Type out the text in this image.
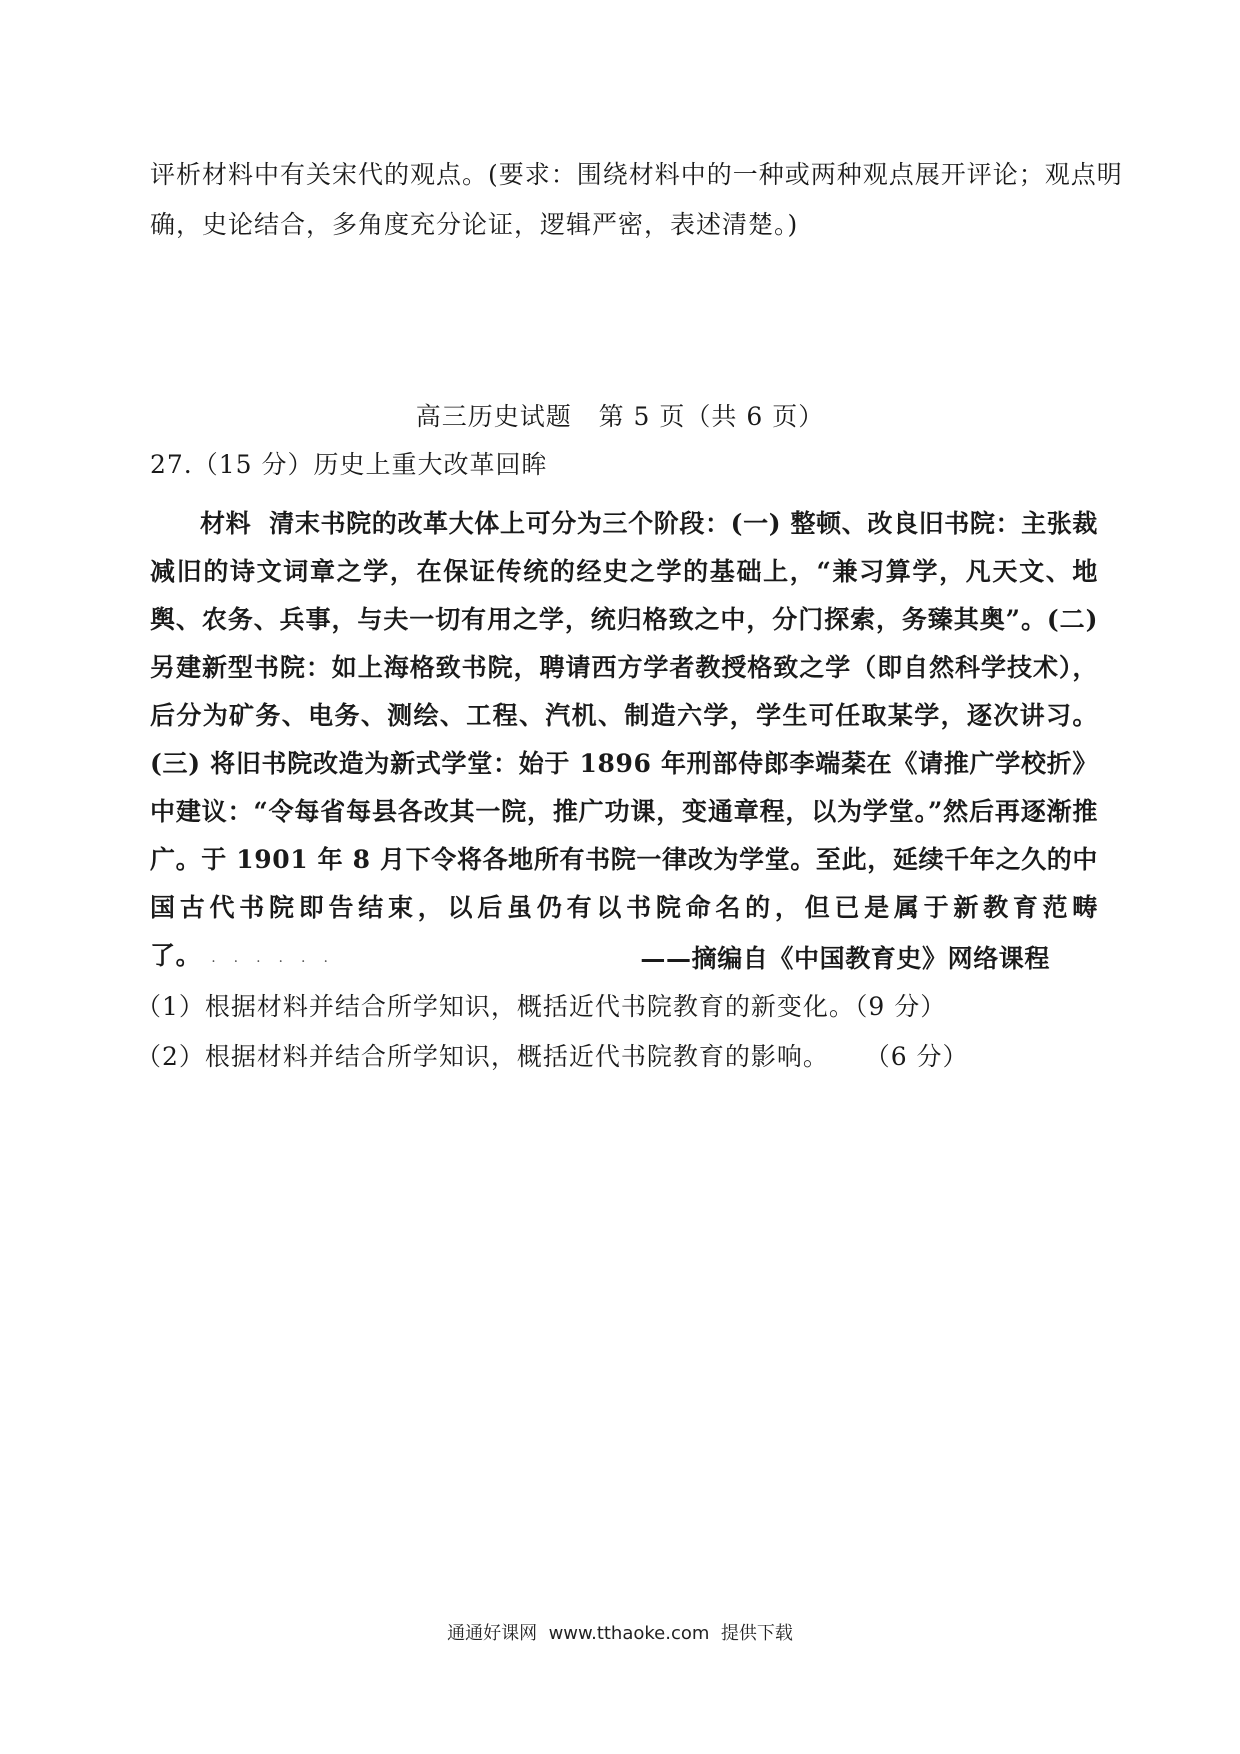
评析材料中有关宋代的观点。(要求：围绕材料中的一种或两种观点展开评论；观点明
确，史论结合，多角度充分论证，逻辑严密，表述清楚。)
高三历史试题   第 5 页（共 6 页）
27.（15 分）历史上重大改革回眸
材料 清末书院的改革大体上可分为三个阶段：(一) 整顿、改良旧书院：主张裁减旧的诗文词章之学，在保证传统的经史之学的基础上，“兼习算学，凡天文、地舆、农务、兵事，与夫一切有用之学，统归格致之中，分门探索，务臻其奥”。(二) 另建新型书院：如上海格致书院，聘请西方学者教授格致之学（即自然科学技术），后分为矿务、电务、测绘、工程、汽机、制造六学，学生可任取某学，逐次讲习。(三) 将旧书院改造为新式学堂：始于 1896 年刑部侍郎李端棻在《请推广学校折》中建议：“令每省每县各改其一院，推广功课，变通章程，以为学堂。”然后再逐渐推广。于 1901 年 8 月下令将各地所有书院一律改为学堂。至此，延续千年之久的中国古代书院即告结束，以后虽仍有以书院命名的，但已是属于新教育范畴了。 ......	——摘编自《中国教育史》网络课程
（1）根据材料并结合所学知识，概括近代书院教育的新变化。（9 分）
（2）根据材料并结合所学知识，概括近代书院教育的影响。    （6 分）
通通好课网  www.tthaoke.com  提供下载
